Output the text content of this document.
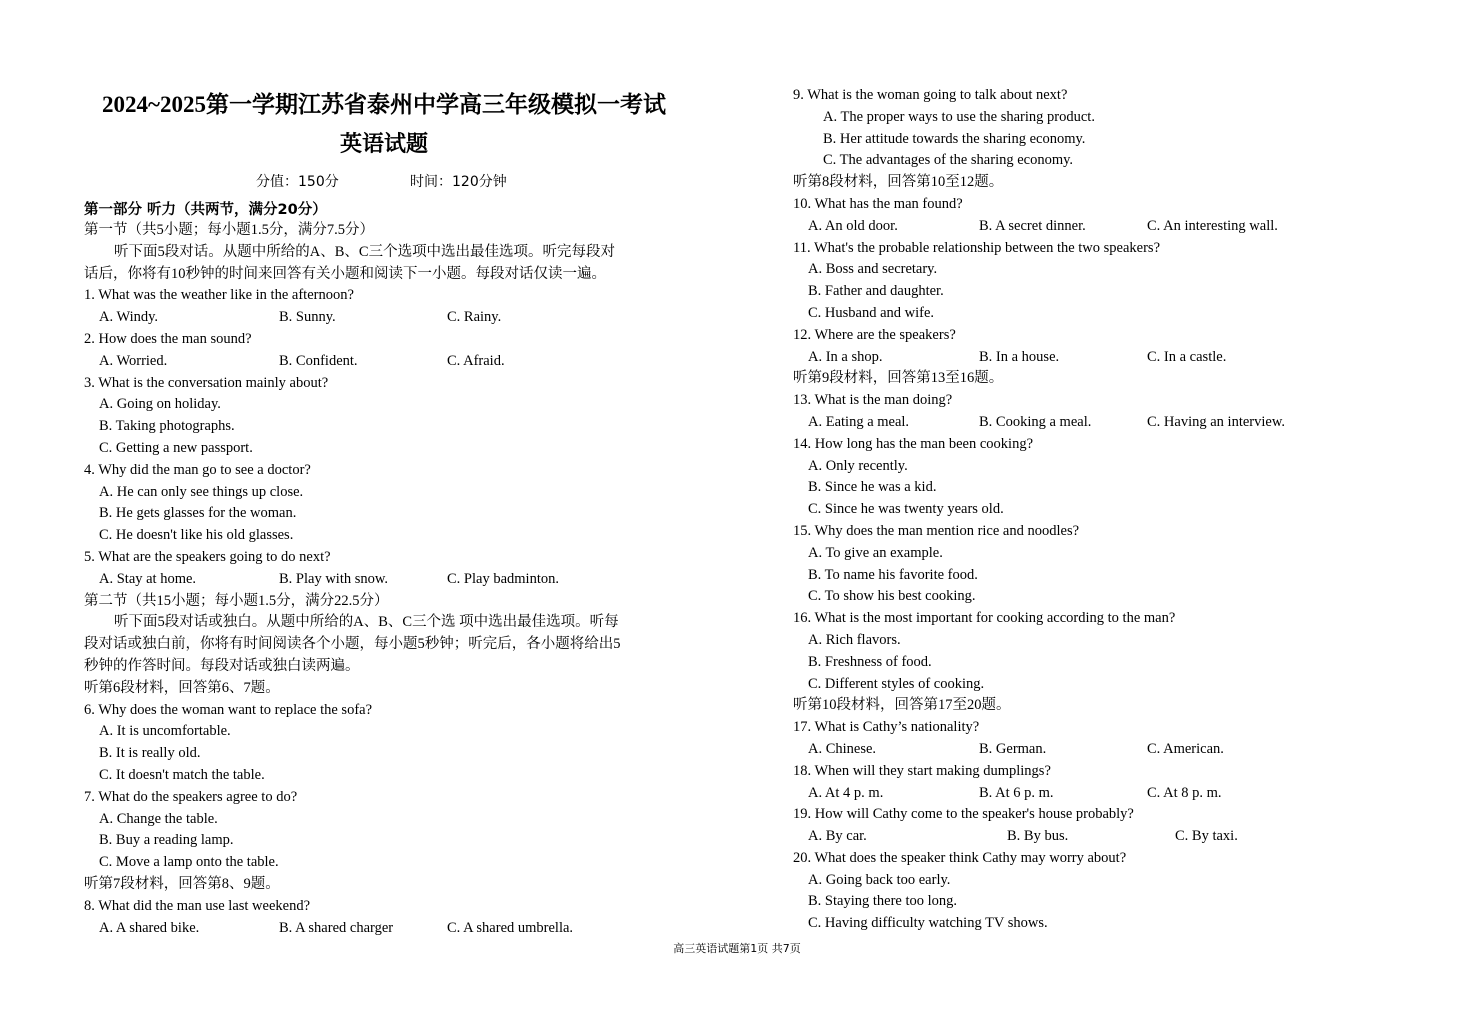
2024~2025第一学期江苏省泰州中学高三年级模拟一考试
英语试题
分值：150分	时间：120分钟
第一部分 听力（共两节，满分20分）
第一节（共5小题；每小题1.5分，满分7.5分）
听下面5段对话。从题中所给的A、B、C三个选项中选出最佳选项。听完每段对
话后，你将有10秒钟的时间来回答有关小题和阅读下一小题。每段对话仅读一遍。
1. What was the weather like in the afternoon?
A. Windy.	B. Sunny.	C. Rainy.
2. How does the man sound?
A. Worried.	B. Confident.	C. Afraid.
3. What is the conversation mainly about?
A. Going on holiday.
B. Taking photographs.
C. Getting a new passport.
4. Why did the man go to see a doctor?
A. He can only see things up close.
B. He gets glasses for the woman.
C. He doesn't like his old glasses.
5. What are the speakers going to do next?
A. Stay at home.	B. Play with snow.	C. Play badminton.
第二节（共15小题；每小题1.5分，满分22.5分）
听下面5段对话或独白。从题中所给的A、B、C三个选 项中选出最佳选项。听每
段对话或独白前，你将有时间阅读各个小题，每小题5秒钟；听完后，各小题将给出5
秒钟的作答时间。每段对话或独白读两遍。
听第6段材料，回答第6、7题。
6. Why does the woman want to replace the sofa?
A. It is uncomfortable.
B. It is really old.
C. It doesn't match the table.
7. What do the speakers agree to do?
A. Change the table.
B. Buy a reading lamp.
C. Move a lamp onto the table.
听第7段材料，回答第8、9题。
8. What did the man use last weekend?
A. A shared bike.	B. A shared charger	C. A shared umbrella.
9. What is the woman going to talk about next?
A. The proper ways to use the sharing product.
B. Her attitude towards the sharing economy.
C. The advantages of the sharing economy.
听第8段材料，回答第10至12题。
10. What has the man found?
A. An old door.	B. A secret dinner.	C. An interesting wall.
11. What's the probable relationship between the two speakers?
A. Boss and secretary.
B. Father and daughter.
C. Husband and wife.
12. Where are the speakers?
A. In a shop.	B. In a house.	C. In a castle.
听第9段材料，回答第13至16题。
13. What is the man doing?
A. Eating a meal.	B. Cooking a meal.	C. Having an interview.
14. How long has the man been cooking?
A. Only recently.
B. Since he was a kid.
C. Since he was twenty years old.
15. Why does the man mention rice and noodles?
A. To give an example.
B. To name his favorite food.
C. To show his best cooking.
16. What is the most important for cooking according to the man?
A. Rich flavors.
B. Freshness of food.
C. Different styles of cooking.
听第10段材料，回答第17至20题。
17. What is Cathy’s nationality?
A. Chinese.	B. German.	C. American.
18. When will they start making dumplings?
A. At 4 p. m.	B. At 6 p. m.	C. At 8 p. m.
19. How will Cathy come to the speaker's house probably?
A. By car.	B. By bus.	C. By taxi.
20. What does the speaker think Cathy may worry about?
A. Going back too early.
B. Staying there too long.
C. Having difficulty watching TV shows.
高三英语试题第1页 共7页
